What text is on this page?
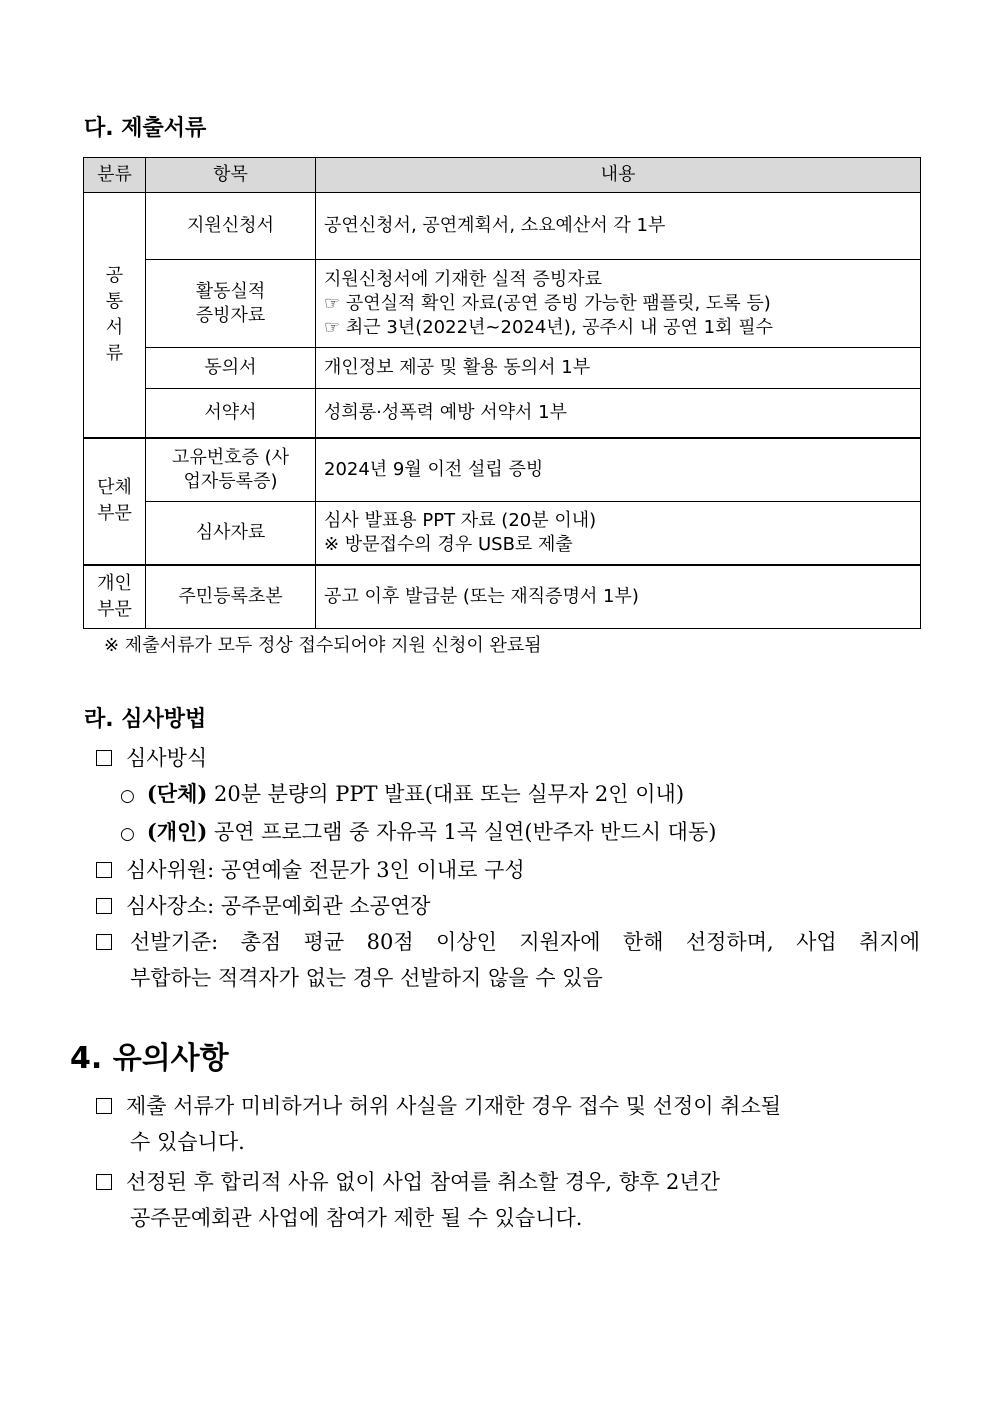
다. 제출서류
분류	항목	내용
공통서류	지원신청서	공연신청서, 공연계획서, 소요예산서 각 1부
	활동실적 증빙자료	지원신청서에 기재한 실적 증빙자료
☞ 공연실적 확인 자료(공연 증빙 가능한 팸플릿, 도록 등)
☞ 최근 3년(2022년~2024년), 공주시 내 공연 1회 필수

	동의서	개인정보 제공 및 활용 동의서 1부
	서약서	성희롱·성폭력 예방 서약서 1부
단체 부문	고유번호증 (사업자등록증)	2024년 9월 이전 설립 증빙
	심사자료	심사 발표용 PPT 자료 (20분 이내)
※ 방문접수의 경우 USB로 제출

개인 부문	주민등록초본	공고 이후 발급분 (또는 재직증명서 1부)
※ 제출서류가 모두 정상 접수되어야 지원 신청이 완료됨
라. 심사방법
심사방식
○ (단체) 20분 분량의 PPT 발표(대표 또는 실무자 2인 이내)
○ (개인) 공연 프로그램 중 자유곡 1곡 실연(반주자 반드시 대동)
심사위원: 공연예술 전문가 3인 이내로 구성
심사장소: 공주문예회관 소공연장
선발기준: 총점 평균 80점 이상인 지원자에 한해 선정하며, 사업 취지에
부합하는 적격자가 없는 경우 선발하지 않을 수 있음
4. 유의사항
제출 서류가 미비하거나 허위 사실을 기재한 경우 접수 및 선정이 취소될
수 있습니다.
선정된 후 합리적 사유 없이 사업 참여를 취소할 경우, 향후 2년간
공주문예회관 사업에 참여가 제한 될 수 있습니다.
